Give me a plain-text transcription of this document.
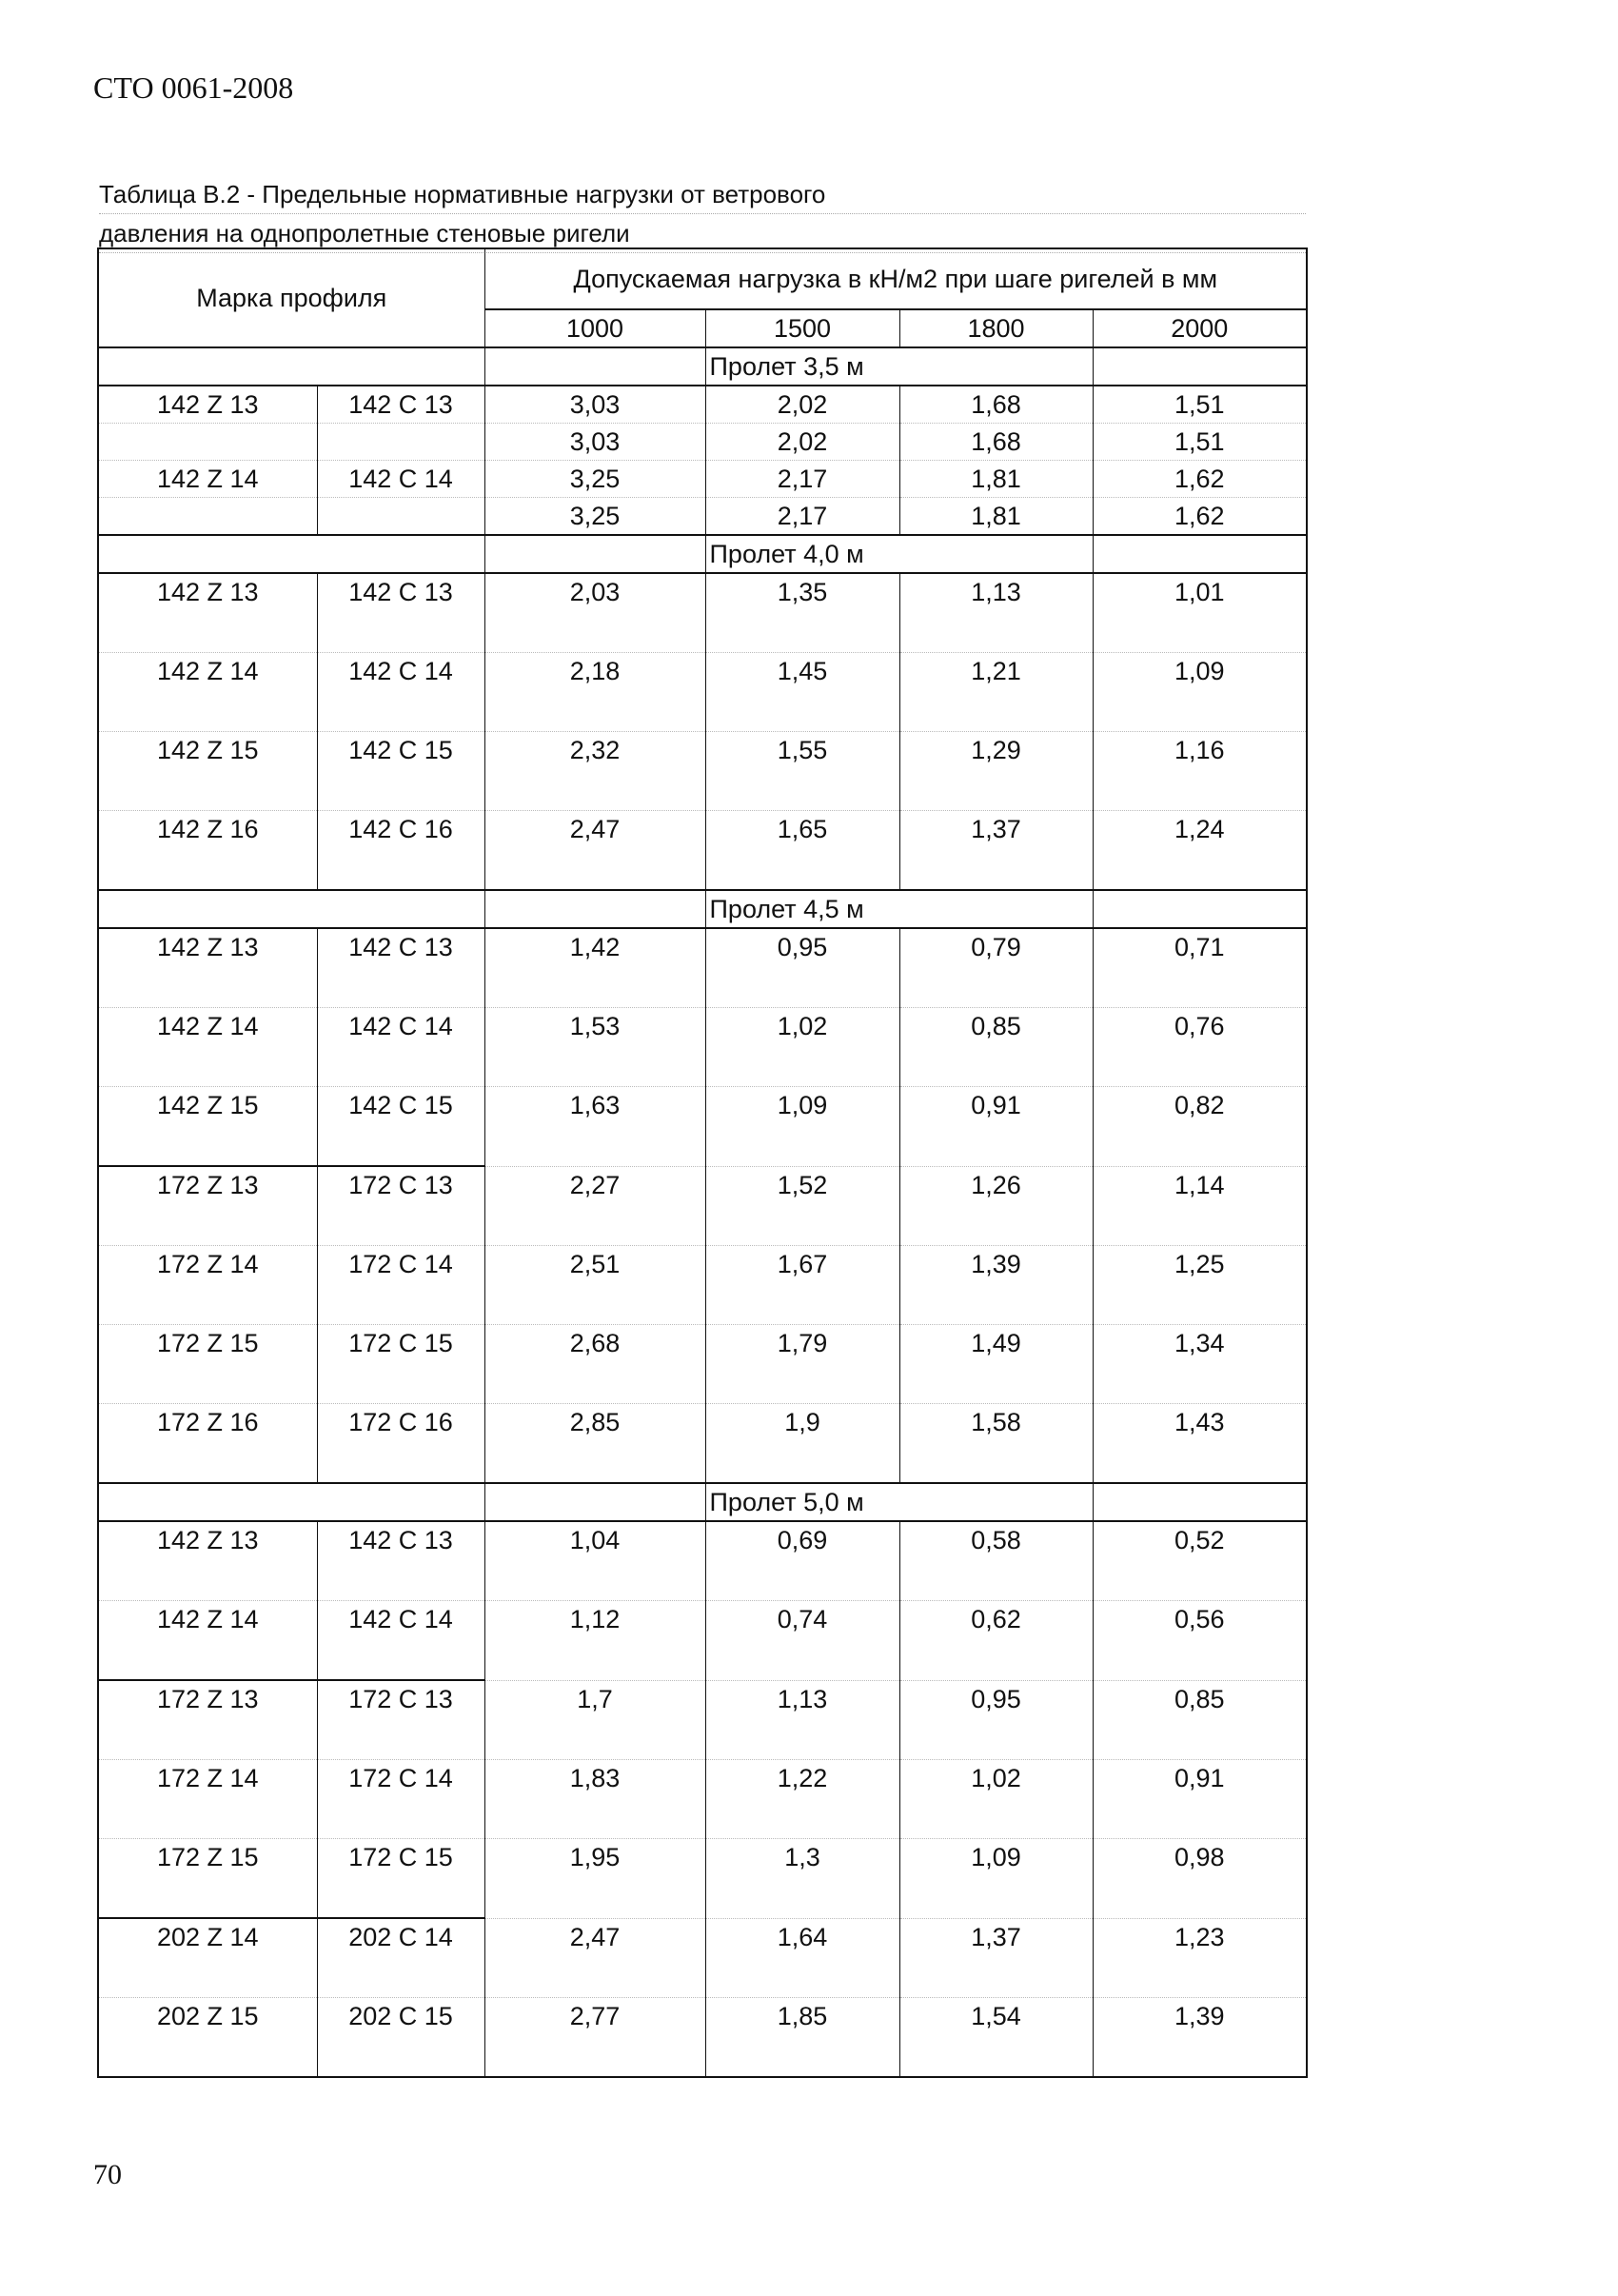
СТО 0061-2008
Таблица В.2 - Предельные нормативные нагрузки от ветрового
давления на однопролетные стеновые ригели
Марка профиля		Допускаемая нагрузка в кН/м2 при шаге ригелей в мм			
		1000	1500	1800	2000
			Пролет 3,5 м		
142 Z 13	142 С 13	3,03	2,02	1,68	1,51
		3,03	2,02	1,68	1,51
142 Z 14	142 С 14	3,25	2,17	1,81	1,62
		3,25	2,17	1,81	1,62
			Пролет 4,0 м		
142 Z 13	142 С 13	2,03	1,35	1,13	1,01
142 Z 14	142 С 14	2,18	1,45	1,21	1,09
142 Z 15	142 С 15	2,32	1,55	1,29	1,16
142 Z 16	142 С 16	2,47	1,65	1,37	1,24
			Пролет 4,5 м		
142 Z 13	142 С 13	1,42	0,95	0,79	0,71
142 Z 14	142 С 14	1,53	1,02	0,85	0,76
142 Z 15	142 С 15	1,63	1,09	0,91	0,82
172 Z 13	172 С 13	2,27	1,52	1,26	1,14
172 Z 14	172 С 14	2,51	1,67	1,39	1,25
172 Z 15	172 С 15	2,68	1,79	1,49	1,34
172 Z 16	172 С 16	2,85	1,9	1,58	1,43
			Пролет 5,0 м		
142 Z 13	142 С 13	1,04	0,69	0,58	0,52
142 Z 14	142 С 14	1,12	0,74	0,62	0,56
172 Z 13	172 С 13	1,7	1,13	0,95	0,85
172 Z 14	172 С 14	1,83	1,22	1,02	0,91
172 Z 15	172 С 15	1,95	1,3	1,09	0,98
202 Z 14	202 С 14	2,47	1,64	1,37	1,23
202 Z 15	202 С 15	2,77	1,85	1,54	1,39
70
